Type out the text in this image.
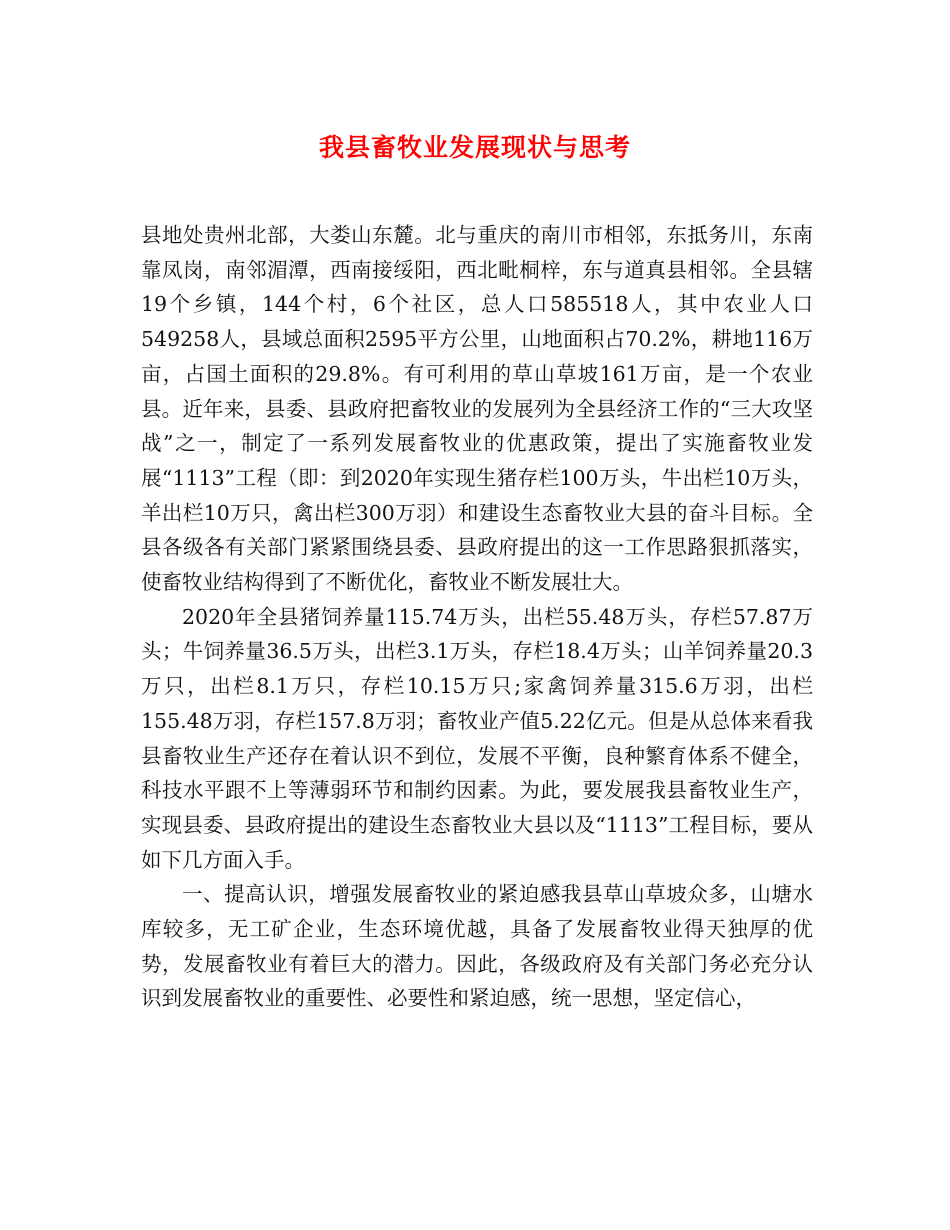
我县畜牧业发展现状与思考

县地处贵州北部，大娄山东麓。北与重庆的南川市相邻，东抵务川，东南靠凤岗，南邻湄潭，西南接绥阳，西北毗桐梓，东与道真县相邻。全县辖19个乡镇，144个村，6个社区，总人口585518人，其中农业人口549258人，县域总面积2595平方公里，山地面积占70.2%，耕地116万亩，占国土面积的29.8%。有可利用的草山草坡161万亩，是一个农业县。近年来，县委、县政府把畜牧业的发展列为全县经济工作的“三大攻坚战”之一，制定了一系列发展畜牧业的优惠政策，提出了实施畜牧业发展“1113”工程（即：到2020年实现生猪存栏100万头，牛出栏10万头，羊出栏10万只，禽出栏300万羽）和建设生态畜牧业大县的奋斗目标。全县各级各有关部门紧紧围绕县委、县政府提出的这一工作思路狠抓落实，使畜牧业结构得到了不断优化，畜牧业不断发展壮大。

2020年全县猪饲养量115.74万头，出栏55.48万头，存栏57.87万头；牛饲养量36.5万头，出栏3.1万头，存栏18.4万头；山羊饲养量20.3万只，出栏8.1万只，存栏10.15万只;家禽饲养量315.6万羽，出栏155.48万羽，存栏157.8万羽；畜牧业产值5.22亿元。但是从总体来看我县畜牧业生产还存在着认识不到位，发展不平衡，良种繁育体系不健全，科技水平跟不上等薄弱环节和制约因素。为此，要发展我县畜牧业生产，实现县委、县政府提出的建设生态畜牧业大县以及“1113”工程目标，要从如下几方面入手。

一、提高认识，增强发展畜牧业的紧迫感我县草山草坡众多，山塘水库较多，无工矿企业，生态环境优越，具备了发展畜牧业得天独厚的优势，发展畜牧业有着巨大的潜力。因此，各级政府及有关部门务必充分认识到发展畜牧业的重要性、必要性和紧迫感，统一思想，坚定信心，
